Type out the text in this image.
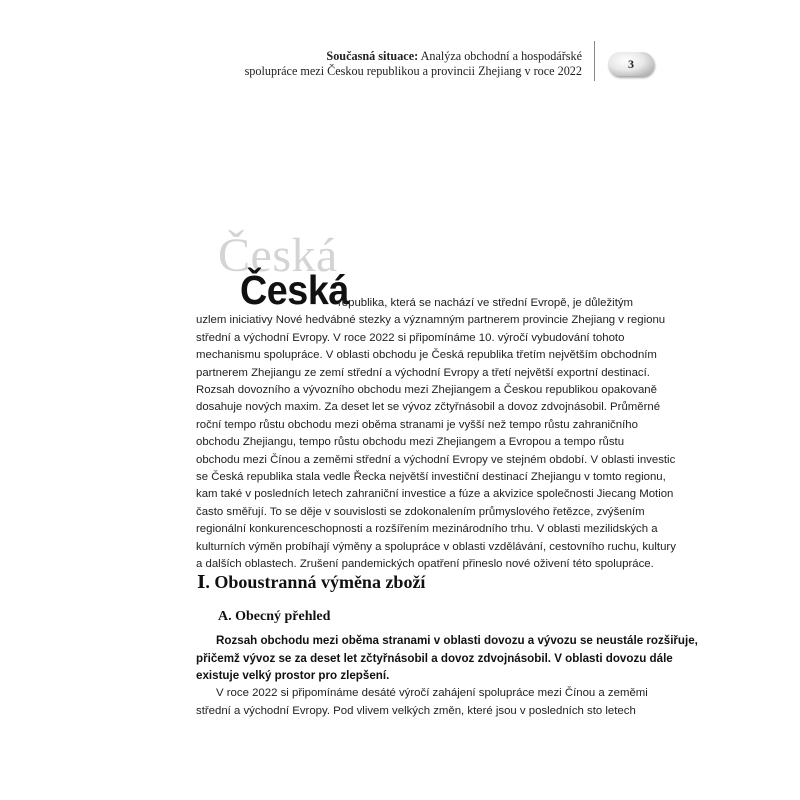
Současná situace: Analýza obchodní a hospodářské
spolupráce mezi Českou republikou a provincii Zhejiang v roce 2022
3
Česká
Česká
republika, která se nachází ve střední Evropě, je důležitým
uzlem iniciativy Nové hedvábné stezky a významným partnerem provincie Zhejiang v regionu
střední a východní Evropy. V roce 2022 si připomínáme 10. výročí vybudování tohoto
mechanismu spolupráce. V oblasti obchodu je Česká republika třetím největším obchodním
partnerem Zhejiangu ze zemí střední a východní Evropy a třetí největší exportní destinací.
Rozsah dovozního a vývozního obchodu mezi Zhejiangem a Českou republikou opakovaně
dosahuje nových maxim. Za deset let se vývoz zčtyřnásobil a dovoz zdvojnásobil. Průměrné
roční tempo růstu obchodu mezi oběma stranami je vyšší než tempo růstu zahraničního
obchodu Zhejiangu, tempo růstu obchodu mezi Zhejiangem a Evropou a tempo růstu
obchodu mezi Čínou a zeměmi střední a východní Evropy ve stejném období. V oblasti investic
se Česká republika stala vedle Řecka největší investiční destinací Zhejiangu v tomto regionu,
kam také v posledních letech zahraniční investice a fúze a akvizice společnosti Jiecang Motion
často směřují. To se děje v souvislosti se zdokonalením průmyslového řetězce, zvýšením
regionální konkurenceschopnosti a rozšířením mezinárodního trhu. V oblasti mezilidských a
kulturních výměn probíhají výměny a spolupráce v oblasti vzdělávání, cestovního ruchu, kultury
a dalších oblastech. Zrušení pandemických opatření přineslo nové oživení této spolupráce.
Ⅰ. Oboustranná výměna zboží
A. Obecný přehled
Rozsah obchodu mezi oběma stranami v oblasti dovozu a vývozu se neustále rozšiřuje,
přičemž vývoz se za deset let zčtyřnásobil a dovoz zdvojnásobil. V oblasti dovozu dále
existuje velký prostor pro zlepšení.
V roce 2022 si připomínáme desáté výročí zahájení spolupráce mezi Čínou a zeměmi
střední a východní Evropy. Pod vlivem velkých změn, které jsou v posledních sto letech
